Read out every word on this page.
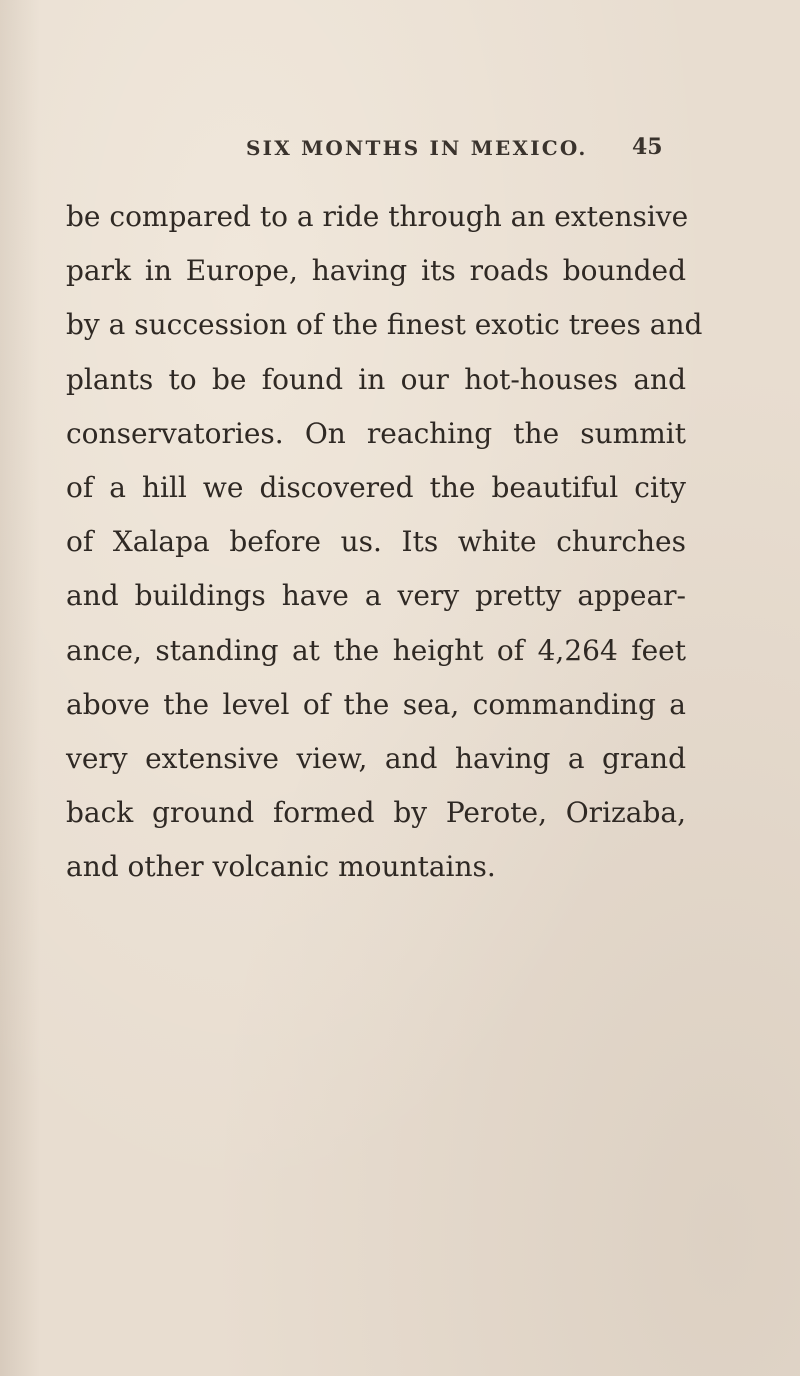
SIX MONTHS IN MEXICO. 45
be compared to a ride through an extensive
park in Europe, having its roads bounded
by a succession of the finest exotic trees and
plants to be found in our hot-houses and
conservatories. On reaching the summit
of a hill we discovered the beautiful city
of Xalapa before us. Its white churches
and buildings have a very pretty appear-
ance, standing at the height of 4,264 feet
above the level of the sea, commanding a
very extensive view, and having a grand
back ground formed by Perote, Orizaba,
and other volcanic mountains.
